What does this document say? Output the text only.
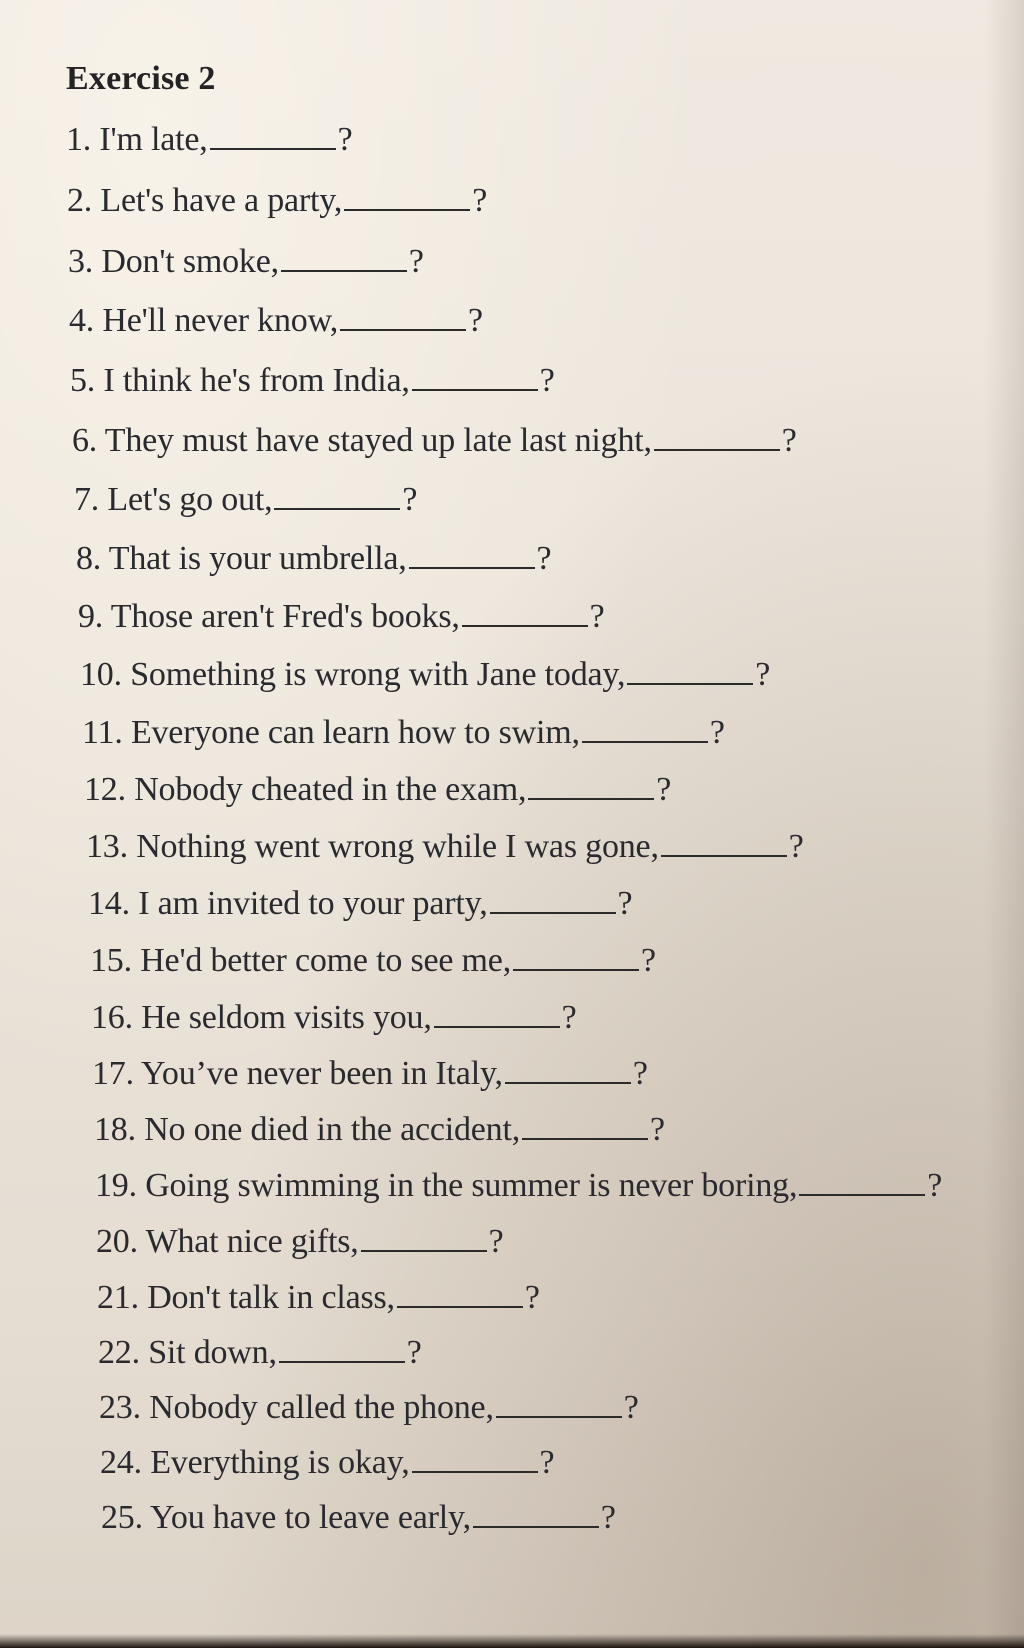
Exercise 2
1. I'm late,	?
2. Let's have a party,	?
3. Don't smoke,	?
4. He'll never know,	?
5. I think he's from India,	?
6. They must have stayed up late last night,	?
7. Let's go out,	?
8. That is your umbrella,	?
9. Those aren't Fred's books,	?
10. Something is wrong with Jane today,	?
11. Everyone can learn how to swim,	?
12. Nobody cheated in the exam,	?
13. Nothing went wrong while I was gone,	?
14. I am invited to your party,	?
15. He'd better come to see me,	?
16. He seldom visits you,	?
17. You’ve never been in Italy,	?
18. No one died in the accident,	?
19. Going swimming in the summer is never boring,	?
20. What nice gifts,	?
21. Don't talk in class,	?
22. Sit down,	?
23. Nobody called the phone,	?
24. Everything is okay,	?
25. You have to leave early,	?
